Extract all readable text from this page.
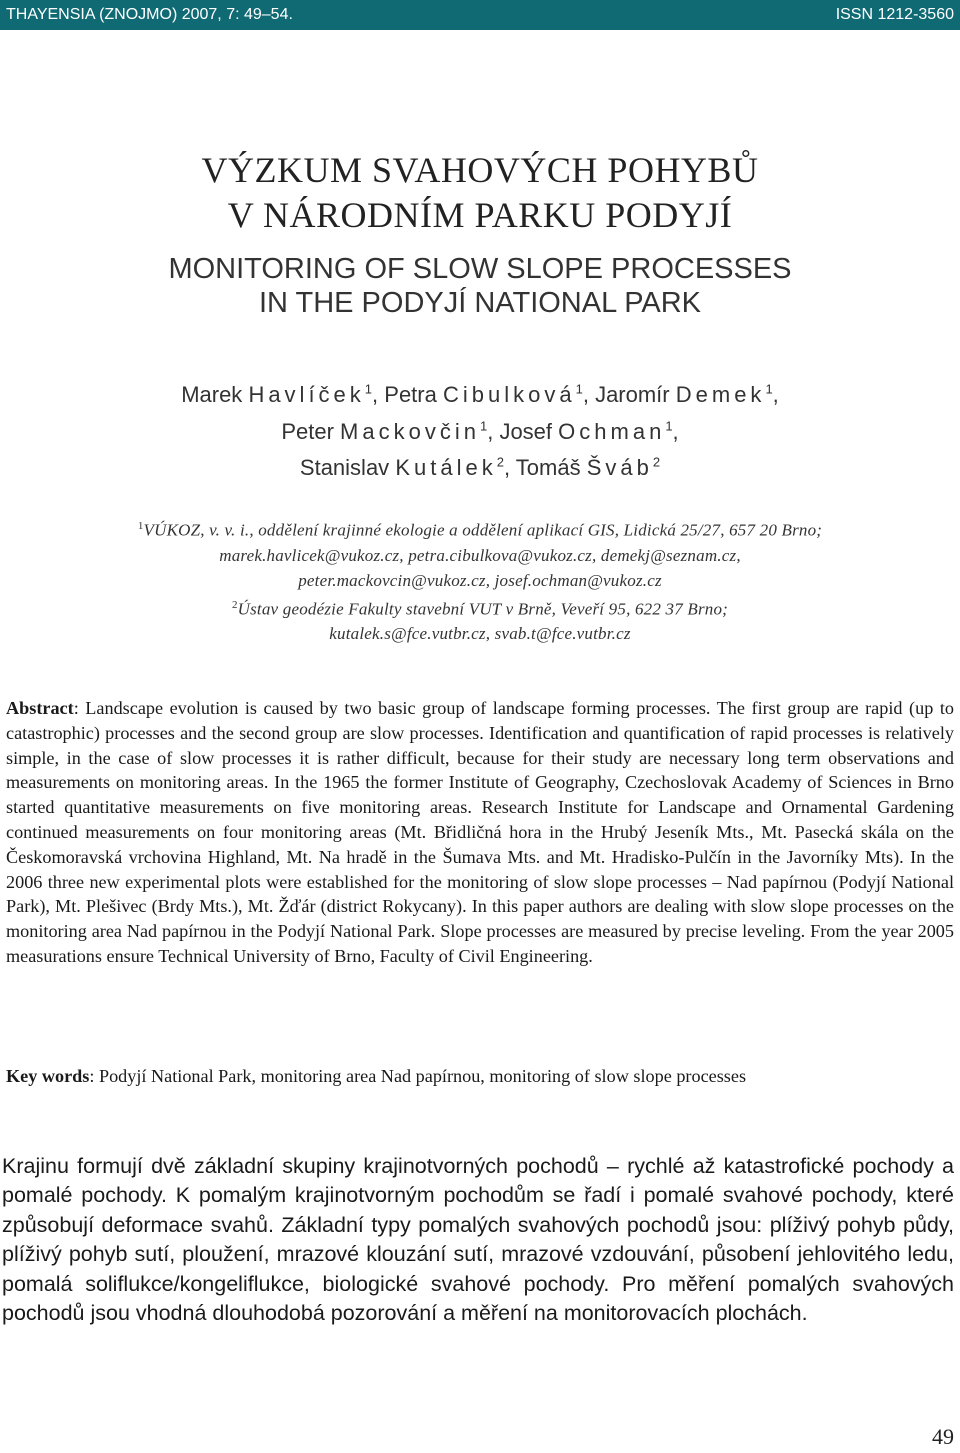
THAYENSIA (ZNOJMO) 2007, 7: 49–54.	ISSN 1212-3560
VÝZKUM SVAHOVÝCH POHYBŮ
V NÁRODNÍM PARKU PODYJÍ
MONITORING OF SLOW SLOPE PROCESSES
IN THE PODYJÍ NATIONAL PARK
Marek Havlíček$^1$, Petra Cibulková$^1$, Jaromír Demek$^1$,
Peter Mackovčin$^1$, Josef Ochman$^1$,
Stanislav Kutálek$^2$, Tomáš Šváb$^2$
$^1$VÚKOZ, v. v. i., oddělení krajinné ekologie a oddělení aplikací GIS, Lidická 25/27, 657 20 Brno;
marek.havlicek@vukoz.cz, petra.cibulkova@vukoz.cz, demekj@seznam.cz,
peter.mackovcin@vukoz.cz, josef.ochman@vukoz.cz
$^2$Ústav geodézie Fakulty stavební VUT v Brně, Veveří 95, 622 37 Brno;
kutalek.s@fce.vutbr.cz, svab.t@fce.vutbr.cz
Abstract: Landscape evolution is caused by two basic group of landscape forming processes. The first group are rapid (up to catastrophic) processes and the second group are slow processes. Identification and quantification of rapid processes is relatively simple, in the case of slow processes it is rather difficult, because for their study are necessary long term observations and measurements on monitoring areas. In the 1965 the former Institute of Geography, Czechoslovak Academy of Sciences in Brno started quantitative measurements on five monitoring areas. Research Institute for Landscape and Ornamental Gardening continued measurements on four monitoring areas (Mt. Břidličná hora in the Hrubý Jeseník Mts., Mt. Pasecká skála on the Českomoravská vrchovina Highland, Mt. Na hradě in the Šumava Mts. and Mt. Hradisko-Pulčín in the Javorníky Mts). In the 2006 three new experimental plots were established for the monitoring of slow slope processes – Nad papírnou (Podyjí National Park), Mt. Plešivec (Brdy Mts.), Mt. Žďár (district Rokycany). In this paper authors are dealing with slow slope processes on the monitoring area Nad papírnou in the Podyjí National Park. Slope processes are measured by precise leveling. From the year 2005 measurations ensure Technical University of Brno, Faculty of Civil Engineering.
Key words: Podyjí National Park, monitoring area Nad papírnou, monitoring of slow slope processes
Krajinu formují dvě základní skupiny krajinotvorných pochodů – rychlé až katastrofické pochody a pomalé pochody. K pomalým krajinotvorným pochodům se řadí i pomalé svahové pochody, které způsobují deformace svahů. Základní typy pomalých svahových pochodů jsou: plíživý pohyb půdy, plíživý pohyb sutí, ploužení, mrazové klouzání sutí, mrazové vzdouvání, působení jehlovitého ledu, pomalá soliflukce/kongeliflukce, biologické svahové pochody. Pro měření pomalých svahových pochodů jsou vhodná dlouhodobá pozorování a měření na monitorovacích plochách.
49
